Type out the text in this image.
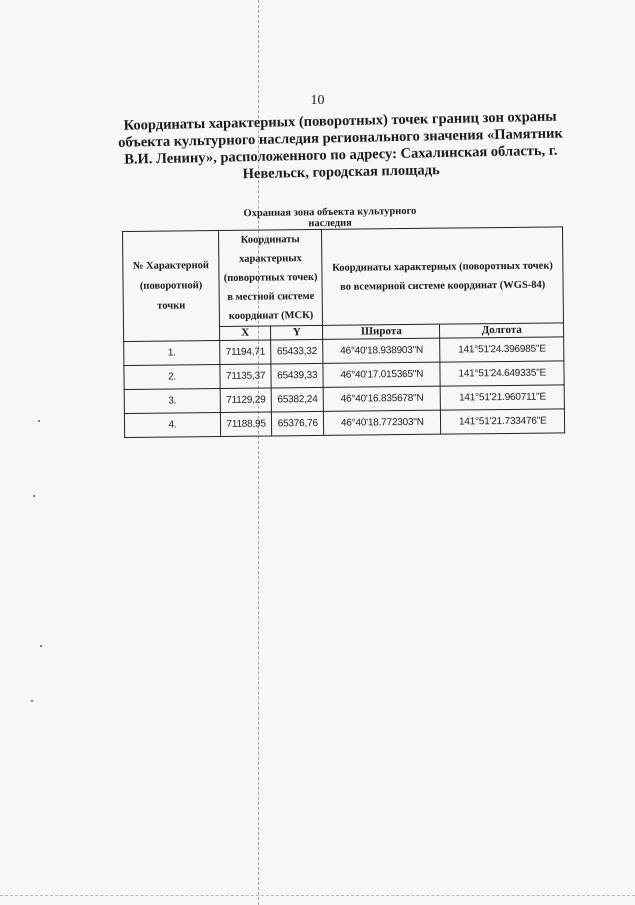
10
Координаты характерных (поворотных) точек границ зон охраны объекта культурного наследия регионального значения «Памятник В.И. Ленину», расположенного по адресу: Сахалинская область, г. Невельск, городская площадь
Охранная зона объекта культурного наследия
№ Характерной (поворотной) точки	Координаты характерных (поворотных точек) в местной системе координат (МСК)		Координаты характерных (поворотных точек) во всемирной системе координат (WGS-84)	
	X	Y	Широта	Долгота
1.	71194,71	65433,32	46°40'18.938903"N	141°51'24.396985"E
2.	71135,37	65439,33	46°40'17.015365"N	141°51'24.649335"E
3.	71129,29	65382,24	46°40'16.835678"N	141°51'21.960711"E
4.	71188,95	65376,76	46°40'18.772303"N	141°51'21.733476"E
